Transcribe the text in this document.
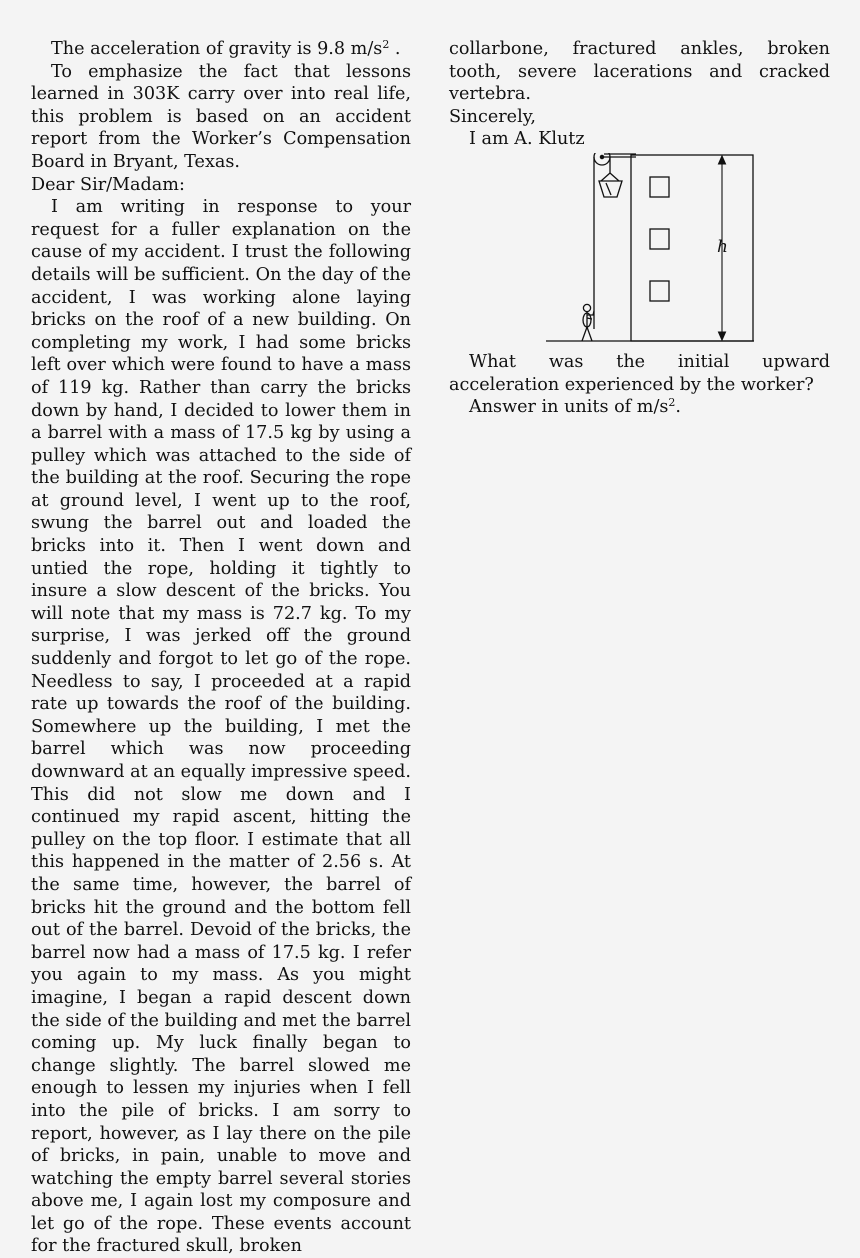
The acceleration of gravity is 9.8 $m/s^2$ .

To emphasize the fact that lessons learned in 303K carry over into real life, this problem is based on an accident report from the Worker’s Compensation Board in Bryant, Texas.

Dear Sir/Madam:

I am writing in response to your request for a fuller explanation on the cause of my accident. I trust the following details will be sufficient. On the day of the accident, I was working alone laying bricks on the roof of a new building. On completing my work, I had some bricks left over which were found to have a mass of 119 kg. Rather than carry the bricks down by hand, I decided to lower them in a barrel with a mass of 17.5 kg by using a pulley which was attached to the side of the building at the roof. Securing the rope at ground level, I went up to the roof, swung the barrel out and loaded the bricks into it. Then I went down and untied the rope, holding it tightly to insure a slow descent of the bricks. You will note that my mass is 72.7 kg. To my surprise, I was jerked off the ground suddenly and forgot to let go of the rope. Needless to say, I proceeded at a rapid rate up towards the roof of the building. Somewhere up the building, I met the barrel which was now proceeding downward at an equally impressive speed. This did not slow me down and I continued my rapid ascent, hitting the pulley on the top floor. I estimate that all this happened in the matter of 2.56 s. At the same time, however, the barrel of bricks hit the ground and the bottom fell out of the barrel. Devoid of the bricks, the barrel now had a mass of 17.5 kg. I refer you again to my mass. As you might imagine, I began a rapid descent down the side of the building and met the barrel coming up. My luck finally began to change slightly. The barrel slowed me enough to lessen my injuries when I fell into the pile of bricks. I am sorry to report, however, as I lay there on the pile of bricks, in pain, unable to move and watching the empty barrel several stories above me, I again lost my composure and let go of the rope. These events account for the fractured skull, broken

collarbone, fractured ankles, broken tooth, severe lacerations and cracked vertebra.

Sincerely,

I am A. Klutz

h

What was the initial upward acceleration experienced by the worker?

Answer in units of $m/s^2$.
